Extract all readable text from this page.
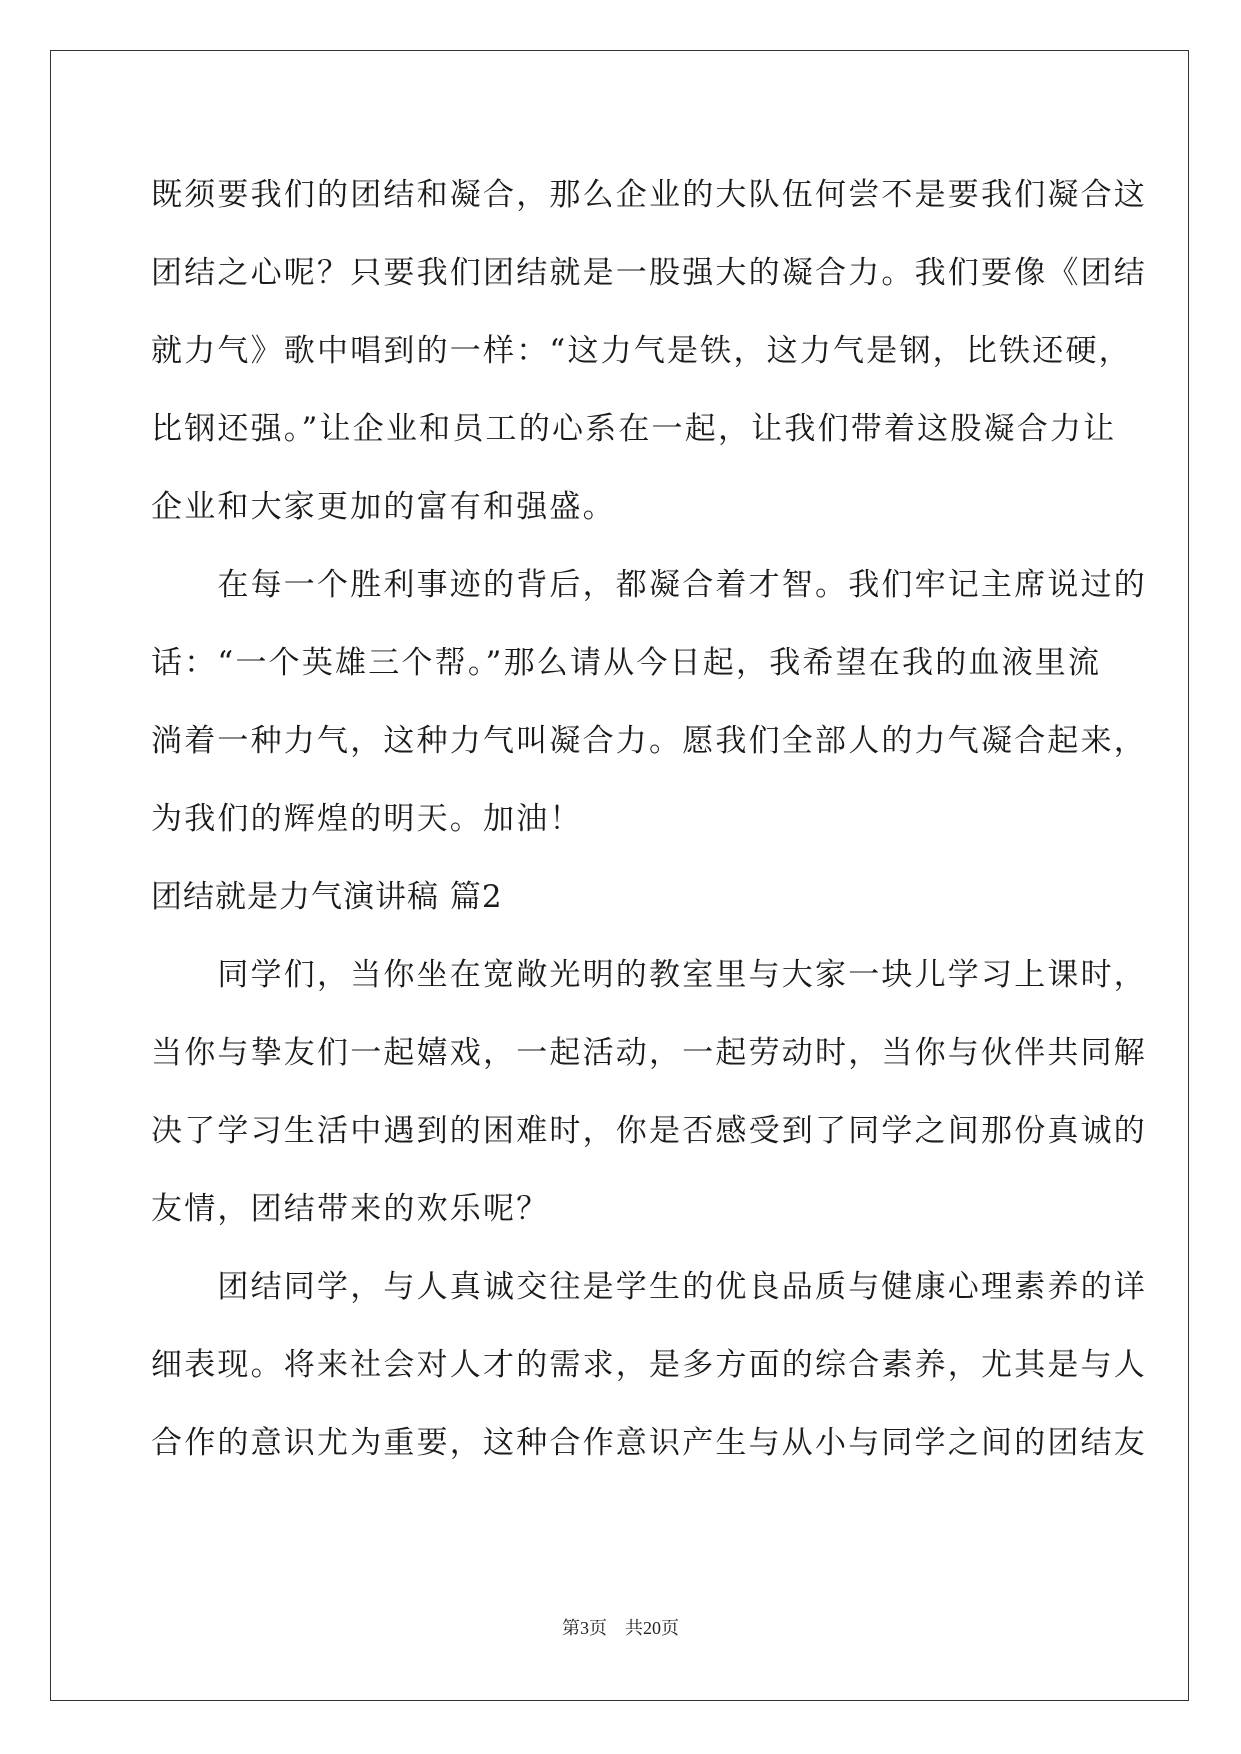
既须要我们的团结和凝合，那么企业的大队伍何尝不是要我们凝合这
团结之心呢？只要我们团结就是一股强大的凝合力。我们要像《团结
就力气》歌中唱到的一样：“这力气是铁，这力气是钢，比铁还硬，
比钢还强。”让企业和员工的心系在一起，让我们带着这股凝合力让
企业和大家更加的富有和强盛。
　　在每一个胜利事迹的背后，都凝合着才智。我们牢记主席说过的
话：“一个英雄三个帮。”那么请从今日起，我希望在我的血液里流
淌着一种力气，这种力气叫凝合力。愿我们全部人的力气凝合起来，
为我们的辉煌的明天。加油！
团结就是力气演讲稿 篇2
　　同学们，当你坐在宽敞光明的教室里与大家一块儿学习上课时，
当你与挚友们一起嬉戏，一起活动，一起劳动时，当你与伙伴共同解
决了学习生活中遇到的困难时，你是否感受到了同学之间那份真诚的
友情，团结带来的欢乐呢？
　　团结同学，与人真诚交往是学生的优良品质与健康心理素养的详
细表现。将来社会对人才的需求，是多方面的综合素养，尤其是与人
合作的意识尤为重要，这种合作意识产生与从小与同学之间的团结友
第3页　共20页
